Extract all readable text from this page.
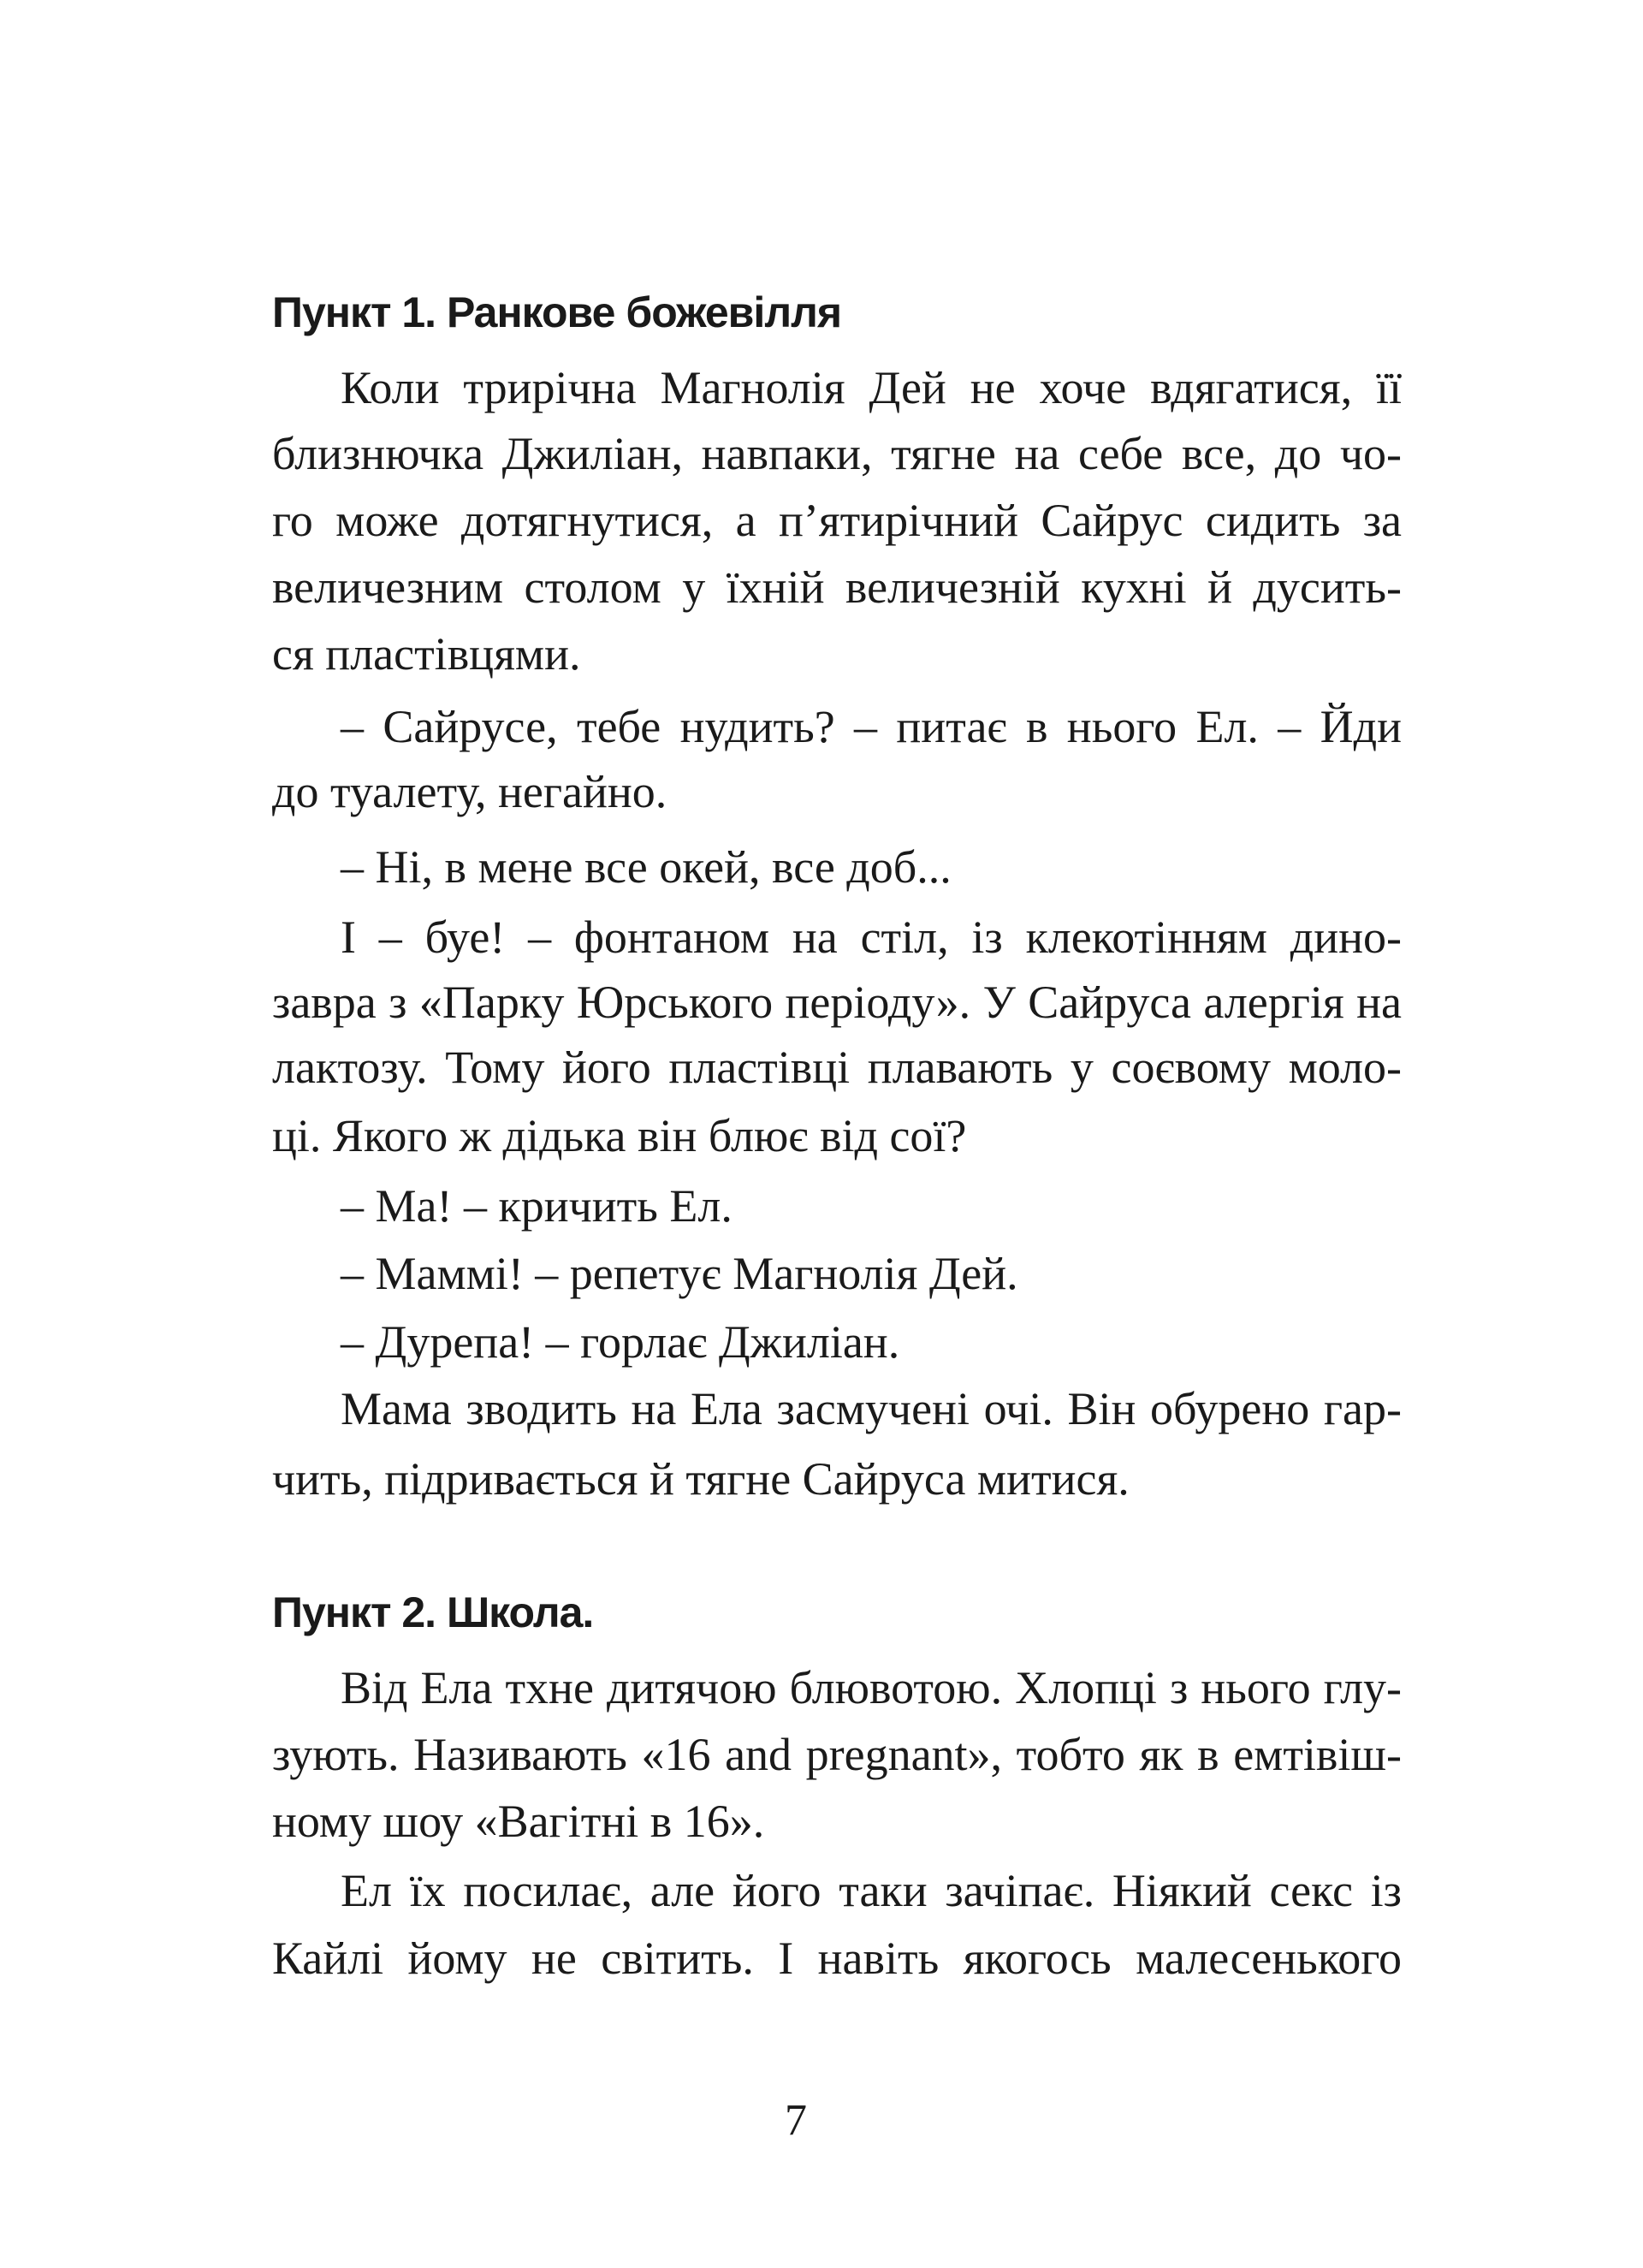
7
Пункт 1. Ранкове божевілля
Коли трирічна Магнолія Дей не хоче вдягатися, її
близнючка Джиліан, навпаки, тягне на себе все, до чо-
го може дотягнутися, а п’ятирічний Сайрус сидить за
величезним столом у їхній величезній кухні й дусить-
ся пластівцями.
– Сайрусе, тебе нудить? – питає в нього Ел. – Йди
до туалету, негайно.
– Ні, в мене все окей, все доб...
І – буе! – фонтаном на стіл, із клекотінням дино-
завра з «Парку Юрського періоду». У Сайруса алергія на
лактозу. Тому його пластівці плавають у соєвому моло-
ці. Якого ж дідька він блює від сої?
– Ма! – кричить Ел.
– Маммі! – репетує Магнолія Дей.
– Дурепа! – горлає Джиліан.
Мама зводить на Ела засмучені очі. Він обурено гар-
чить, підривається й тягне Сайруса митися.
Пункт 2. Школа.
Від Ела тхне дитячою блювотою. Хлопці з нього глу-
зують. Називають «16 and pregnant», тобто як в емтівіш-
ному шоу «Вагітні в 16».
Ел їх посилає, але його таки зачіпає. Ніякий секс із
Кайлі йому не світить. І навіть якогось малесенького
